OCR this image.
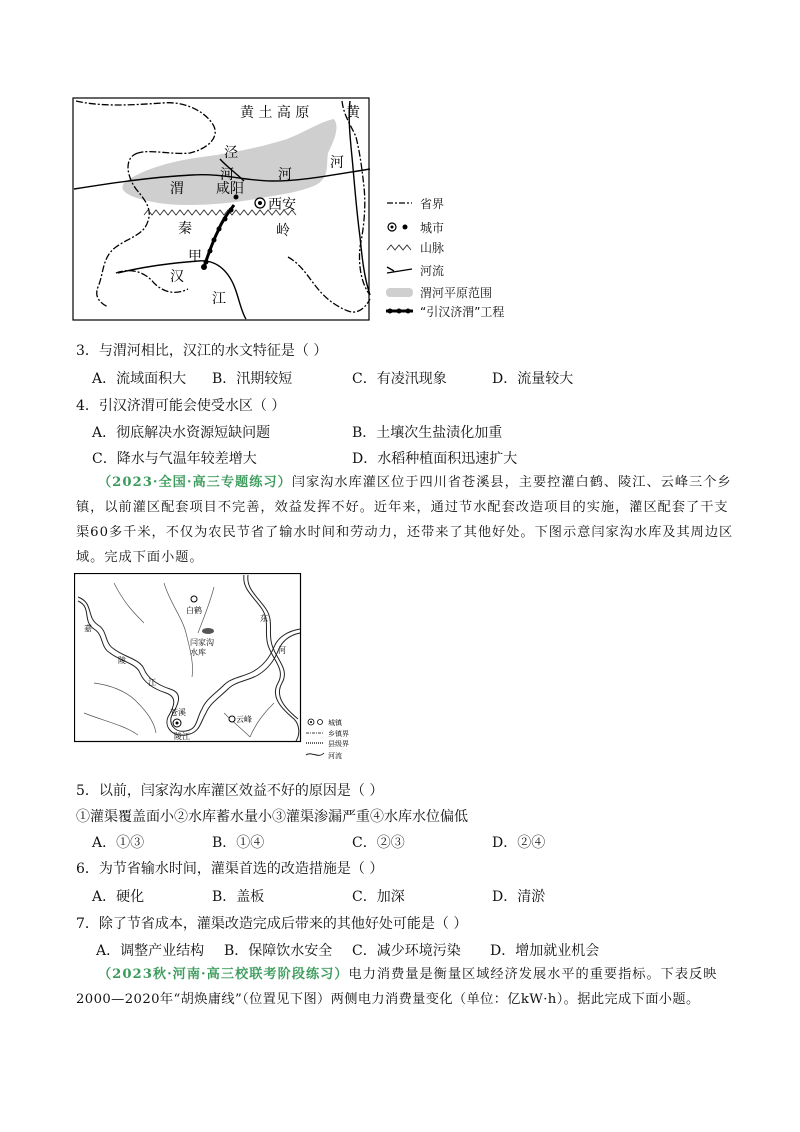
黄 土 高 原	黄
河
泾
河	河
渭 咸阳
西安
秦	岭
甲
汉
江
省界
城市
山脉
河流
渭河平原范围
“引汉济渭”工程
3．与渭河相比，汉江的水文特征是（ ）
A．流域面积大 B．汛期较短	C．有凌汛现象	D．流量较大
4．引汉济渭可能会使受水区（ ）
A．彻底解决水资源短缺问题	B．土壤次生盐渍化加重
C．降水与气温年较差增大	D．水稻种植面积迅速扩大
（2023·全国·高三专题练习）闫家沟水库灌区位于四川省苍溪县，主要控灌白鹤、陵江、云峰三个乡
镇，以前灌区配套项目不完善，效益发挥不好。近年来，通过节水配套改造项目的实施，灌区配套了干支
渠60多千米，不仅为农民节省了输水时间和劳动力，还带来了其他好处。下图示意闫家沟水库及其周边区
域。完成下面小题。
白鹤
闫家沟
水库
嘉
陵
江
东
河
苍溪
陵江
云峰	城镇
乡镇界
县级界
河流
5．以前，闫家沟水库灌区效益不好的原因是（ ）
①灌渠覆盖面小②水库蓄水量小③灌渠渗漏严重④水库水位偏低
A．①③	B．①④	C．②③	D．②④
6．为节省输水时间，灌渠首选的改造措施是（ ）
A．硬化	B．盖板	C．加深	D．清淤
7．除了节省成本，灌渠改造完成后带来的其他好处可能是（ ）
A．调整产业结构 B．保障饮水安全 C．减少环境污染 D．增加就业机会
（2023秋·河南·高三校联考阶段练习）电力消费量是衡量区域经济发展水平的重要指标。下表反映
2000—2020年“胡焕庸线”（位置见下图）两侧电力消费量变化（单位：亿kW·h）。据此完成下面小题。
